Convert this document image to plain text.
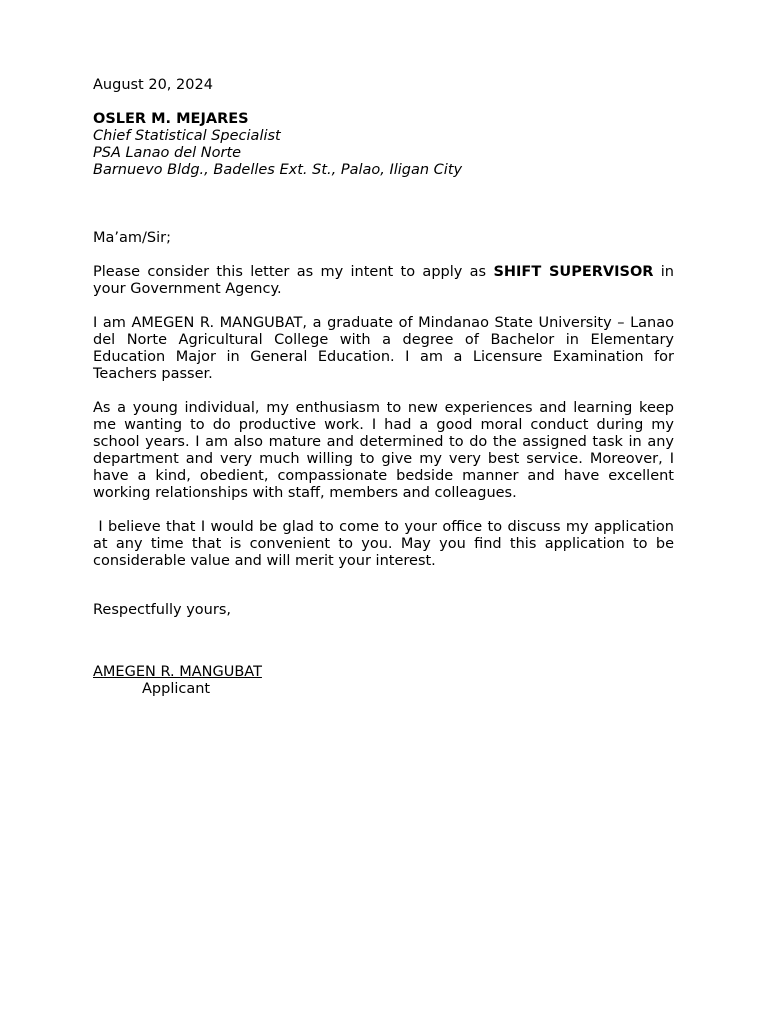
August 20, 2024

OSLER M. MEJARES
Chief Statistical Specialist
PSA Lanao del Norte
Barnuevo Bldg., Badelles Ext. St., Palao, Iligan City

Ma’am/Sir;

Please consider this letter as my intent to apply as SHIFT SUPERVISOR in your Government Agency.

I am AMEGEN R. MANGUBAT, a graduate of Mindanao State University – Lanao del Norte Agricultural College with a degree of Bachelor in Elementary Education Major in General Education. I am a Licensure Examination for Teachers passer.

As a young individual, my enthusiasm to new experiences and learning keep me wanting to do productive work. I had a good moral conduct during my school years. I am also mature and determined to do the assigned task in any department and very much willing to give my very best service. Moreover, I have a kind, obedient, compassionate bedside manner and have excellent working relationships with staff, members and colleagues.

I believe that I would be glad to come to your office to discuss my application at any time that is convenient to you. May you find this application to be considerable value and will merit your interest.

Respectfully yours,

AMEGEN R. MANGUBAT
Applicant
